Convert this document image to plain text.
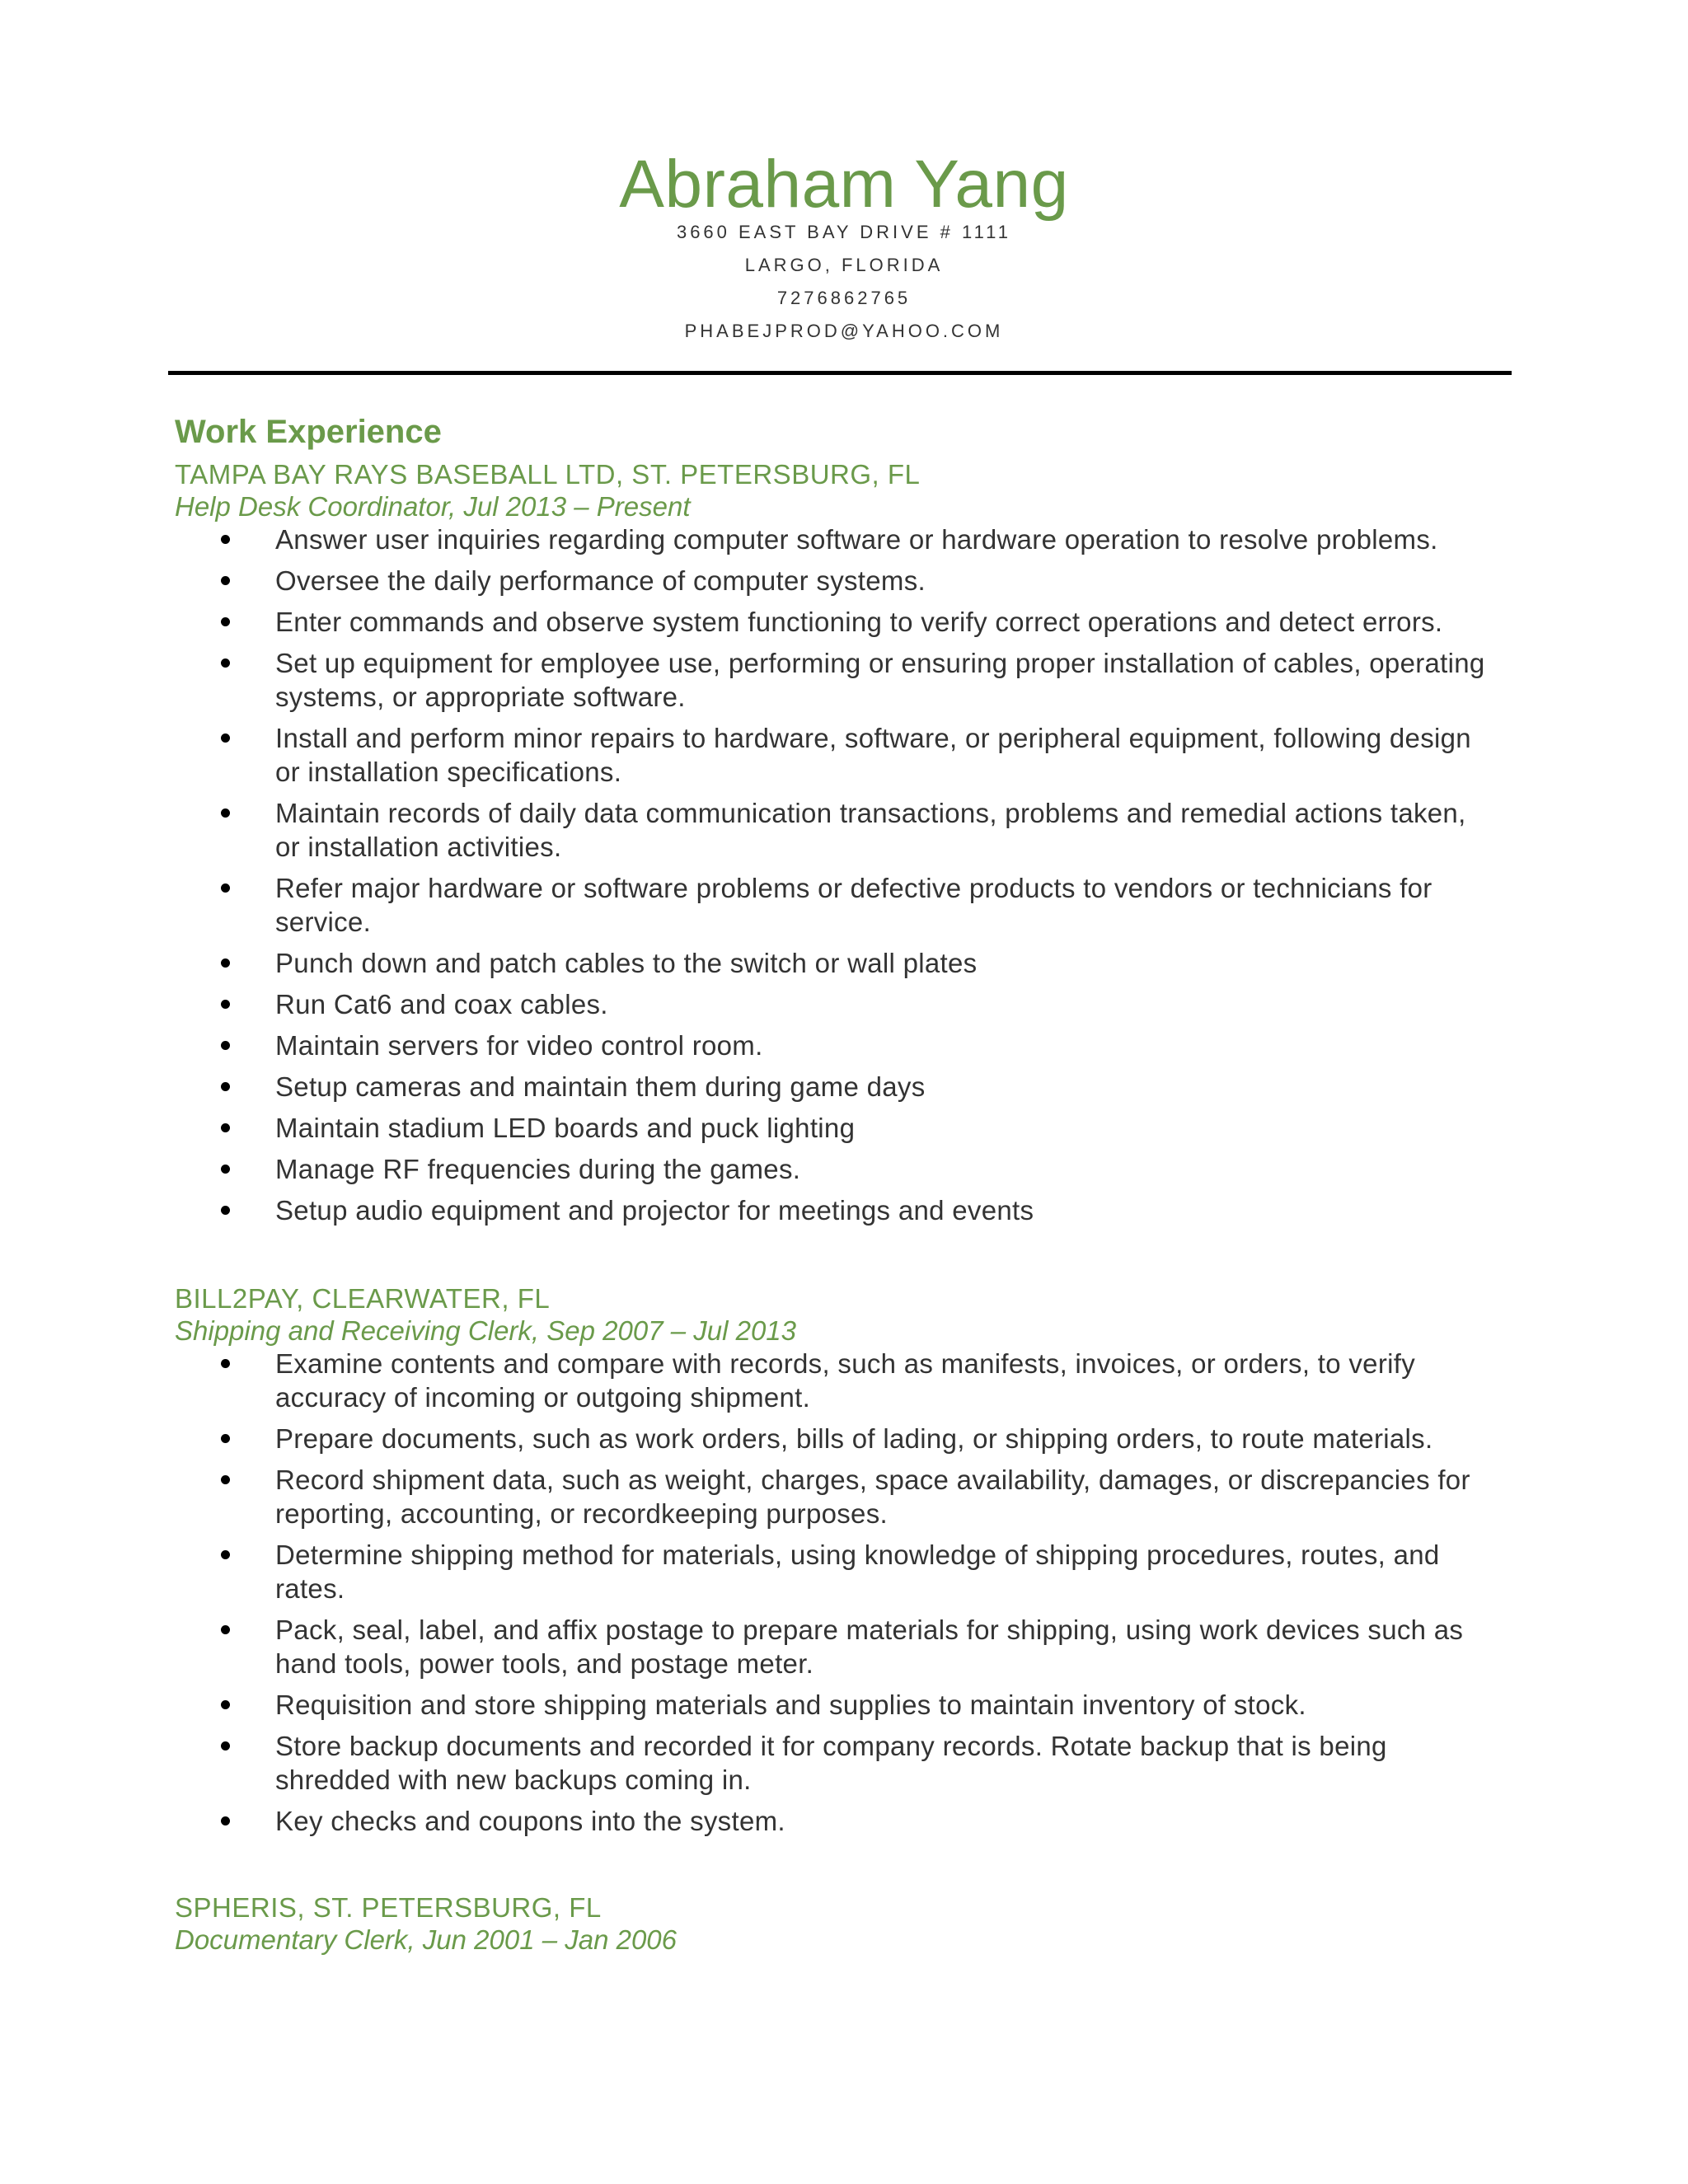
Abraham Yang

3660 EAST BAY DRIVE # 1111

LARGO, FLORIDA

7276862765

PHABEJPROD@YAHOO.COM

Work Experience

TAMPA BAY RAYS BASEBALL LTD, ST. PETERSBURG, FL

Help Desk Coordinator, Jul 2013 – Present

Answer user inquiries regarding computer software or hardware operation to resolve problems.
Oversee the daily performance of computer systems.
Enter commands and observe system functioning to verify correct operations and detect errors.
Set up equipment for employee use, performing or ensuring proper installation of cables, operating systems, or appropriate software.
Install and perform minor repairs to hardware, software, or peripheral equipment, following design or installation specifications.
Maintain records of daily data communication transactions, problems and remedial actions taken, or installation activities.
Refer major hardware or software problems or defective products to vendors or technicians for service.
Punch down and patch cables to the switch or wall plates
Run Cat6 and coax cables.
Maintain servers for video control room.
Setup cameras and maintain them during game days
Maintain stadium LED boards and puck lighting
Manage RF frequencies during the games.
Setup audio equipment and projector for meetings and events

BILL2PAY, CLEARWATER, FL

Shipping and Receiving Clerk, Sep 2007 – Jul 2013

Examine contents and compare with records, such as manifests, invoices, or orders, to verify accuracy of incoming or outgoing shipment.
Prepare documents, such as work orders, bills of lading, or shipping orders, to route materials.
Record shipment data, such as weight, charges, space availability, damages, or discrepancies for reporting, accounting, or recordkeeping purposes.
Determine shipping method for materials, using knowledge of shipping procedures, routes, and rates.
Pack, seal, label, and affix postage to prepare materials for shipping, using work devices such as hand tools, power tools, and postage meter.
Requisition and store shipping materials and supplies to maintain inventory of stock.
Store backup documents and recorded it for company records. Rotate backup that is being shredded with new backups coming in.
Key checks and coupons into the system.

SPHERIS, ST. PETERSBURG, FL

Documentary Clerk, Jun 2001 – Jan 2006
